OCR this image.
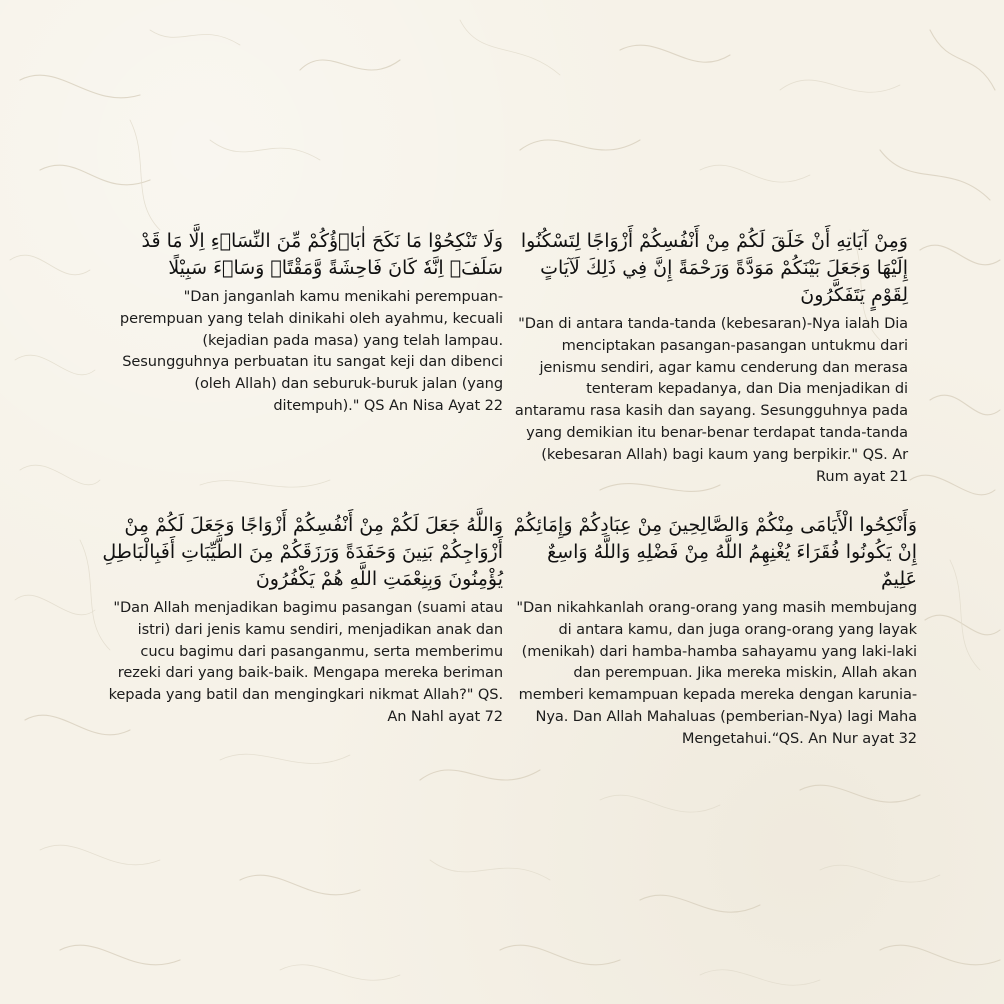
وَلَا تَنْكِحُوْا مَا نَكَحَ اٰبَاۤؤُكُمْ مِّنَ النِّسَاۤءِ اِلَّا مَا قَدْ سَلَفَۗ اِنَّهٗ كَانَ فَاحِشَةً وَّمَقْتًاۗ وَسَاۤءَ سَبِيْلًا

"Dan janganlah kamu menikahi perempuan-perempuan yang telah dinikahi oleh ayahmu, kecuali (kejadian pada masa) yang telah lampau. Sesungguhnya perbuatan itu sangat keji dan dibenci (oleh Allah) dan seburuk-buruk jalan (yang ditempuh)." QS An Nisa Ayat 22

وَمِنْ آيَاتِهِ أَنْ خَلَقَ لَكُمْ مِنْ أَنْفُسِكُمْ أَزْوَاجًا لِتَسْكُنُوا إِلَيْهَا وَجَعَلَ بَيْنَكُمْ مَوَدَّةً وَرَحْمَةً إِنَّ فِي ذَلِكَ لَآيَاتٍ لِقَوْمٍ يَتَفَكَّرُونَ

"Dan di antara tanda-tanda (kebesaran)-Nya ialah Dia menciptakan pasangan-pasangan untukmu dari jenismu sendiri, agar kamu cenderung dan merasa tenteram kepadanya, dan Dia menjadikan di antaramu rasa kasih dan sayang. Sesungguhnya pada yang demikian itu benar-benar terdapat tanda-tanda (kebesaran Allah) bagi kaum yang berpikir." QS. Ar Rum ayat 21

وَاللَّهُ جَعَلَ لَكُمْ مِنْ أَنْفُسِكُمْ أَزْوَاجًا وَجَعَلَ لَكُمْ مِنْ أَزْوَاجِكُمْ بَنِينَ وَحَفَدَةً وَرَزَقَكُمْ مِنَ الطَّيِّبَاتِ أَفَبِالْبَاطِلِ يُؤْمِنُونَ وَبِنِعْمَتِ اللَّهِ هُمْ يَكْفُرُونَ

"Dan Allah menjadikan bagimu pasangan (suami atau istri) dari jenis kamu sendiri, menjadikan anak dan cucu bagimu dari pasanganmu, serta memberimu rezeki dari yang baik-baik. Mengapa mereka beriman kepada yang batil dan mengingkari nikmat Allah?" QS. An Nahl ayat 72

وَأَنْكِحُوا الْأَيَامَى مِنْكُمْ وَالصَّالِحِينَ مِنْ عِبَادِكُمْ وَإِمَائِكُمْ إِنْ يَكُونُوا فُقَرَاءَ يُغْنِهِمُ اللَّهُ مِنْ فَضْلِهِ وَاللَّهُ وَاسِعٌ عَلِيمٌ

"Dan nikahkanlah orang-orang yang masih membujang di antara kamu, dan juga orang-orang yang layak (menikah) dari hamba-hamba sahayamu yang laki-laki dan perempuan. Jika mereka miskin, Allah akan memberi kemampuan kepada mereka dengan karunia-Nya. Dan Allah Mahaluas (pemberian-Nya) lagi Maha Mengetahui.“QS. An Nur ayat 32
